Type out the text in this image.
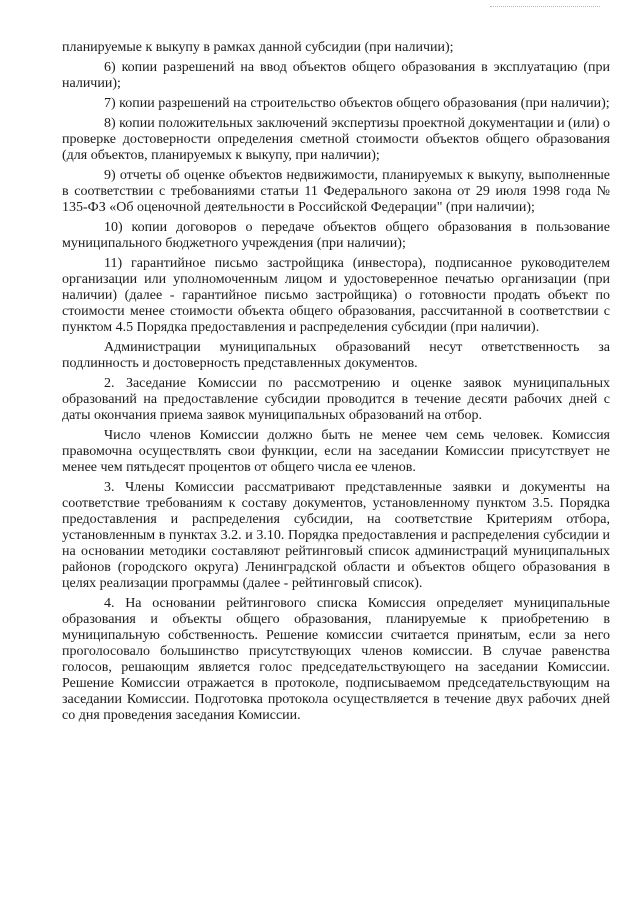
планируемые к выкупу в рамках данной субсидии (при наличии);

6) копии разрешений на ввод объектов общего образования в эксплуатацию (при наличии);

7) копии разрешений на строительство объектов общего образования (при наличии);

8) копии положительных заключений экспертизы проектной документации и (или) о проверке достоверности определения сметной стоимости объектов общего образования (для объектов, планируемых к выкупу, при наличии);

9) отчеты об оценке объектов недвижимости, планируемых к выкупу, выполненные в соответствии с требованиями статьи 11 Федерального закона от 29 июля 1998 года № 135-ФЗ «Об оценочной деятельности в Российской Федерации" (при наличии);

10) копии договоров о передаче объектов общего образования в пользование муниципального бюджетного учреждения (при наличии);

11) гарантийное письмо застройщика (инвестора), подписанное руководителем организации или уполномоченным лицом и удостоверенное печатью организации (при наличии) (далее - гарантийное письмо застройщика) о готовности продать объект по стоимости менее стоимости объекта общего образования, рассчитанной в соответствии с пунктом 4.5 Порядка предоставления и распределения субсидии (при наличии).

Администрации муниципальных образований несут ответственность за подлинность и достоверность представленных документов.

2. Заседание Комиссии по рассмотрению и оценке заявок муниципальных образований на предоставление субсидии проводится в течение десяти рабочих дней с даты окончания приема заявок муниципальных образований на отбор.

Число членов Комиссии должно быть не менее чем семь человек. Комиссия правомочна осуществлять свои функции, если на заседании Комиссии присутствует не менее чем пятьдесят процентов от общего числа ее членов.

3. Члены Комиссии рассматривают представленные заявки и документы на соответствие требованиям к составу документов, установленному пунктом 3.5. Порядка предоставления и распределения субсидии, на соответствие Критериям отбора, установленным в пунктах 3.2. и 3.10. Порядка предоставления и распределения субсидии и на основании методики составляют рейтинговый список администраций муниципальных районов (городского округа) Ленинградской области и объектов общего образования в целях реализации программы (далее - рейтинговый список).

4. На основании рейтингового списка Комиссия определяет муниципальные образования и объекты общего образования, планируемые к приобретению в муниципальную собственность. Решение комиссии считается принятым, если за него проголосовало большинство присутствующих членов комиссии. В случае равенства голосов, решающим является голос председательствующего на заседании Комиссии. Решение Комиссии отражается в протоколе, подписываемом председательствующим на заседании Комиссии. Подготовка протокола осуществляется в течение двух рабочих дней со дня проведения заседания Комиссии.
